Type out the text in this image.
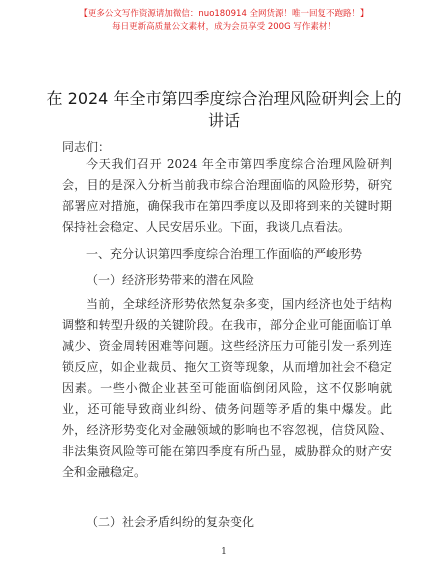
【更多公文写作资源请加微信：nuo180914 全网货源！唯一回复不跑路！】
每日更新高质量公文素材，成为会员享受 200G 写作素材！
在 2024 年全市第四季度综合治理风险研判会上的讲话
同志们：
今天我们召开 2024 年全市第四季度综合治理风险研判会，目的是深入分析当前我市综合治理面临的风险形势，研究部署应对措施，确保我市在第四季度以及即将到来的关键时期保持社会稳定、人民安居乐业。下面，我谈几点看法。
一、充分认识第四季度综合治理工作面临的严峻形势
（一）经济形势带来的潜在风险
当前，全球经济形势依然复杂多变，国内经济也处于结构调整和转型升级的关键阶段。在我市，部分企业可能面临订单减少、资金周转困难等问题。这些经济压力可能引发一系列连锁反应，如企业裁员、拖欠工资等现象，从而增加社会不稳定因素。一些小微企业甚至可能面临倒闭风险，这不仅影响就业，还可能导致商业纠纷、债务问题等矛盾的集中爆发。此外，经济形势变化对金融领域的影响也不容忽视，信贷风险、非法集资风险等可能在第四季度有所凸显，威胁群众的财产安全和金融稳定。
（二）社会矛盾纠纷的复杂变化
1
